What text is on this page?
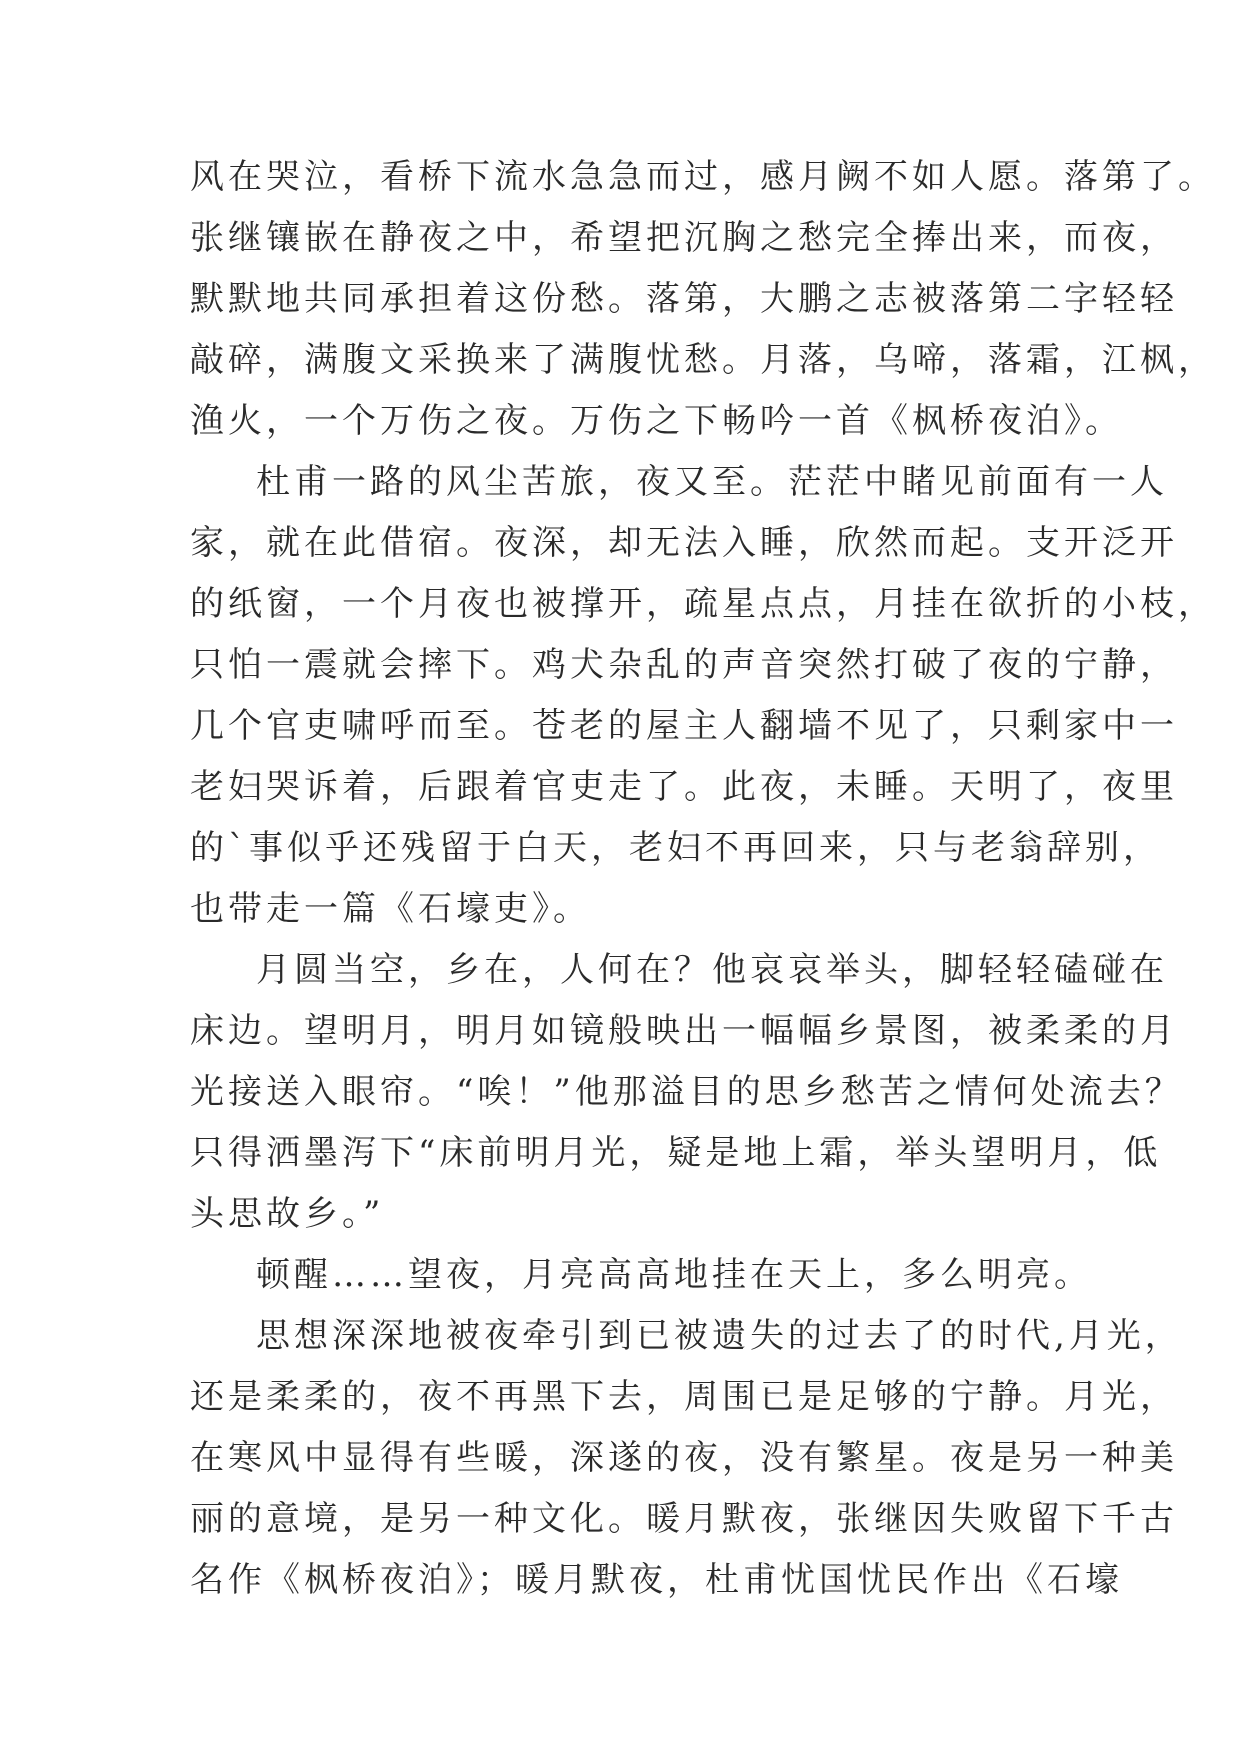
风在哭泣，看桥下流水急急而过，感月阙不如人愿。落第了。
张继镶嵌在静夜之中，希望把沉胸之愁完全捧出来，而夜，
默默地共同承担着这份愁。落第，大鹏之志被落第二字轻轻
敲碎，满腹文采换来了满腹忧愁。月落，乌啼，落霜，江枫，
渔火，一个万伤之夜。万伤之下畅吟一首《枫桥夜泊》。
杜甫一路的风尘苦旅，夜又至。茫茫中睹见前面有一人
家，就在此借宿。夜深，却无法入睡，欣然而起。支开泛开
的纸窗，一个月夜也被撑开，疏星点点，月挂在欲折的小枝，
只怕一震就会摔下。鸡犬杂乱的声音突然打破了夜的宁静，
几个官吏啸呼而至。苍老的屋主人翻墙不见了，只剩家中一
老妇哭诉着，后跟着官吏走了。此夜，未睡。天明了，夜里
的`事似乎还残留于白天，老妇不再回来，只与老翁辞别，
也带走一篇《石壕吏》。
月圆当空，乡在，人何在？他哀哀举头，脚轻轻磕碰在
床边。望明月，明月如镜般映出一幅幅乡景图，被柔柔的月
光接送入眼帘。“唉！”他那溢目的思乡愁苦之情何处流去？
只得洒墨泻下“床前明月光，疑是地上霜，举头望明月，低
头思故乡。”
顿醒……望夜，月亮高高地挂在天上，多么明亮。
思想深深地被夜牵引到已被遗失的过去了的时代,月光，
还是柔柔的，夜不再黑下去，周围已是足够的宁静。月光，
在寒风中显得有些暖，深遂的夜，没有繁星。夜是另一种美
丽的意境，是另一种文化。暖月默夜，张继因失败留下千古
名作《枫桥夜泊》；暖月默夜，杜甫忧国忧民作出《石壕
